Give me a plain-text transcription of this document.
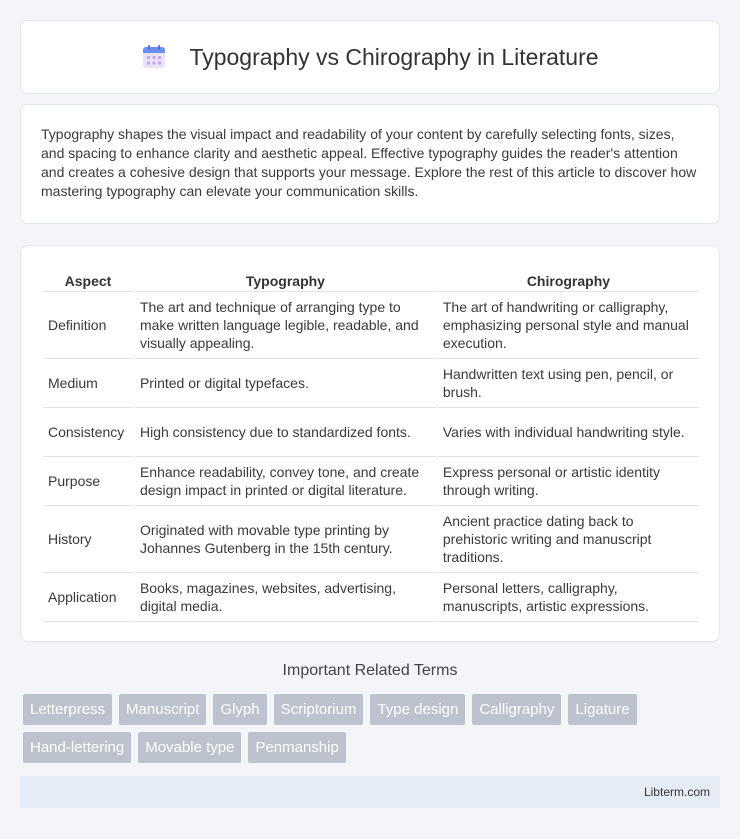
Typography vs Chirography in Literature

Typography shapes the visual impact and readability of your content by carefully selecting fonts, sizes, and spacing to enhance clarity and aesthetic appeal. Effective typography guides the reader's attention and creates a cohesive design that supports your message. Explore the rest of this article to discover how mastering typography can elevate your communication skills.

Aspect	Typography	Chirography
Definition	The art and technique of arranging type to make written language legible, readable, and visually appealing.	The art of handwriting or calligraphy, emphasizing personal style and manual execution.
Medium	Printed or digital typefaces.	Handwritten text using pen, pencil, or brush.
Consistency	High consistency due to standardized fonts.	Varies with individual handwriting style.
Purpose	Enhance readability, convey tone, and create design impact in printed or digital literature.	Express personal or artistic identity through writing.
History	Originated with movable type printing by Johannes Gutenberg in the 15th century.	Ancient practice dating back to prehistoric writing and manuscript traditions.
Application	Books, magazines, websites, advertising, digital media.	Personal letters, calligraphy, manuscripts, artistic expressions.
Important Related Terms
Letterpress	Manuscript	Glyph	Scriptorium	Type design	Calligraphy	Ligature
Hand-lettering	Movable type	Penmanship
Libterm.com
